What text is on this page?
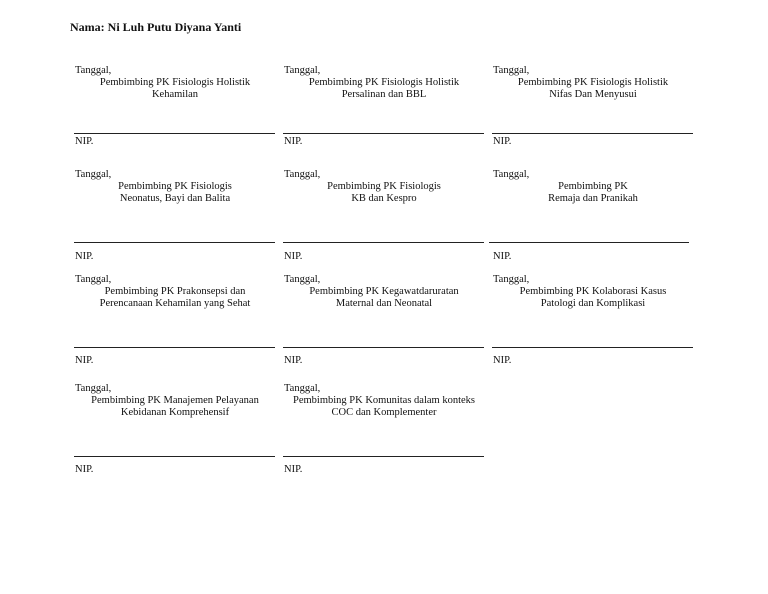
Nama: Ni Luh Putu Diyana Yanti
Tanggal,
Pembimbing PK Fisiologis Holistik
Kehamilan
NIP.
Tanggal,
Pembimbing PK Fisiologis Holistik
Persalinan dan BBL
NIP.
Tanggal,
Pembimbing PK Fisiologis Holistik
Nifas Dan Menyusui
NIP.
Tanggal,
Pembimbing PK Fisiologis
Neonatus, Bayi dan Balita
NIP.
Tanggal,
Pembimbing PK Fisiologis
KB dan Kespro
NIP.
Tanggal,
Pembimbing PK
Remaja dan Pranikah
NIP.
Tanggal,
Pembimbing PK Prakonsepsi dan
Perencanaan Kehamilan yang Sehat
NIP.
Tanggal,
Pembimbing PK Kegawatdaruratan
Maternal dan Neonatal
NIP.
Tanggal,
Pembimbing PK Kolaborasi Kasus
Patologi dan Komplikasi
NIP.
Tanggal,
Pembimbing PK Manajemen Pelayanan
Kebidanan Komprehensif
NIP.
Tanggal,
Pembimbing PK Komunitas dalam konteks
COC dan Komplementer
NIP.
